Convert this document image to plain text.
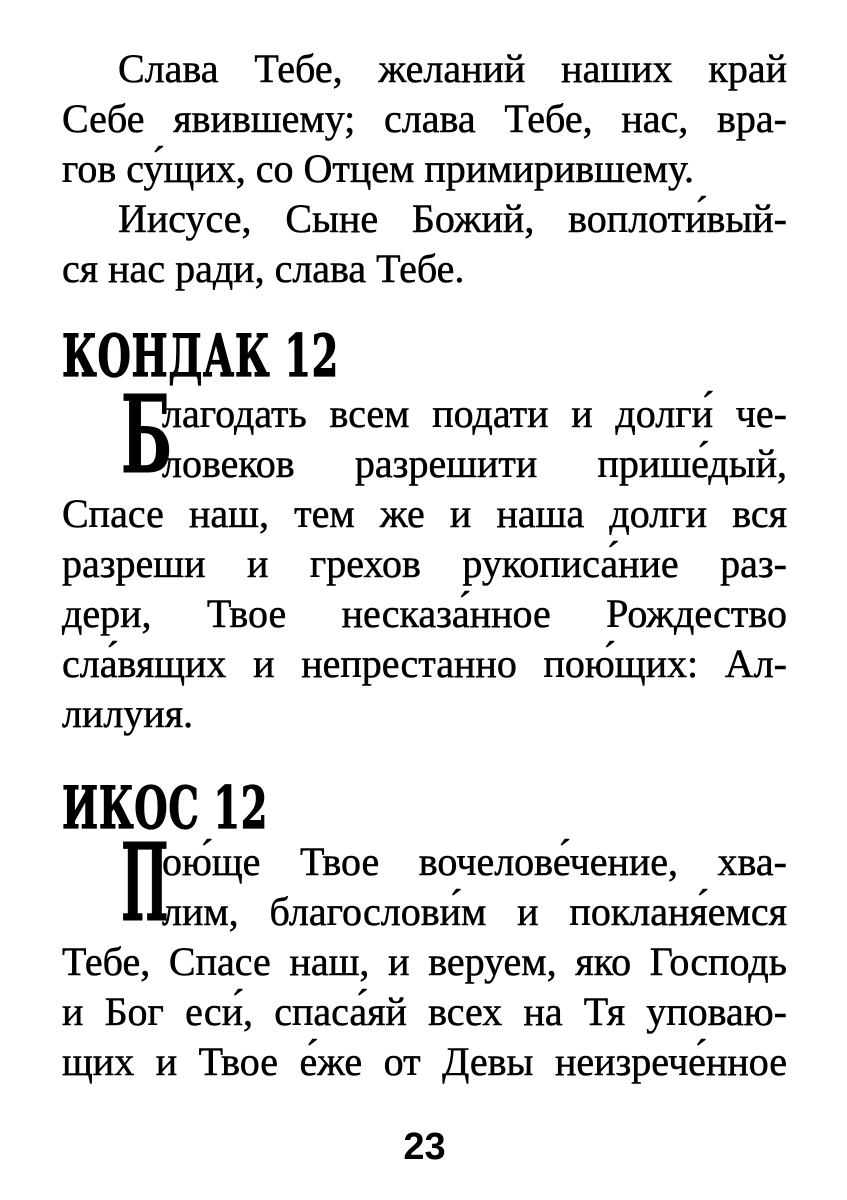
Слава Тебе, желаний наших край
Себе явившему; слава Тебе, нас, вра-
гов су́щих, со Отцем примирившему.
Иисусе, Сыне Божий, воплоти́вый-
ся нас ради, слава Тебе.
КОНДАК 12
Б
лагодать всем подати и долги́ че-
ловеков разрешити прише́дый,
Спасе наш, тем же и наша долги вся
разреши и грехов рукописа́ние раз-
дери, Твое несказа́нное Рождество
сла́вящих и непрестанно пою́щих: Ал-
лилуия.
ИКОС 12
П
ою́ще Твое вочелове́чение, хва-
лим, благослови́м и покланя́емся
Тебе, Спасе наш, и веруем, яко Господь
и Бог еси́, спаса́яй всех на Тя уповаю-
щих и Твое е́же от Девы неизрече́нное
23
